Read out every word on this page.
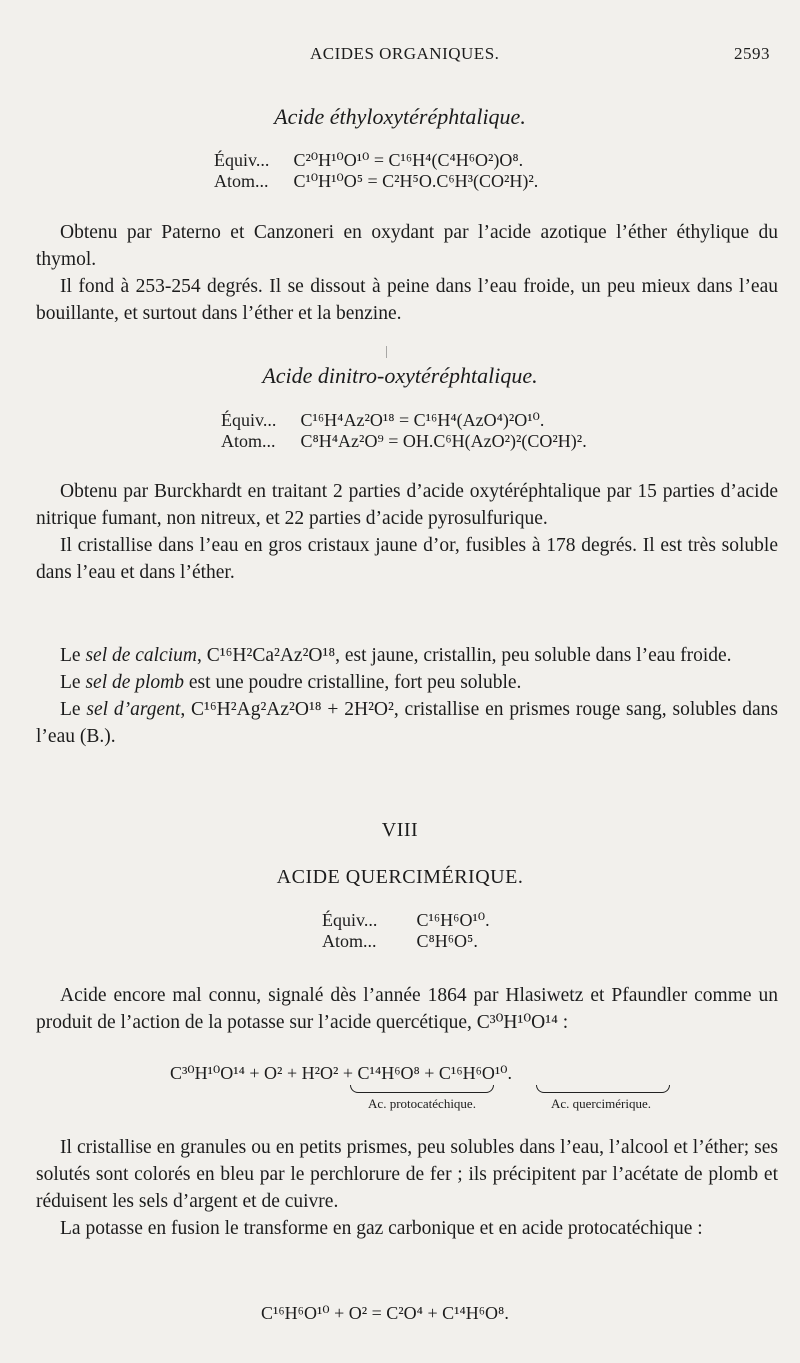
ACIDES ORGANIQUES.	2593
Acide éthyloxytéréphtalique.
Équiv... C²⁰H¹⁰O¹⁰ = C¹⁶H⁴(C⁴H⁶O²)O⁸.
Atom... C¹⁰H¹⁰O⁵ = C²H⁵O.C⁶H³(CO²H)².

Obtenu par Paterno et Canzoneri en oxydant par l’acide azotique l’éther éthylique du thymol.

Il fond à 253-254 degrés. Il se dissout à peine dans l’eau froide, un peu mieux dans l’eau bouillante, et surtout dans l’éther et la benzine.

Acide dinitro-oxytéréphtalique.
Équiv... C¹⁶H⁴Az²O¹⁸ = C¹⁶H⁴(AzO⁴)²O¹⁰.
Atom... C⁸H⁴Az²O⁹ = OH.C⁶H(AzO²)²(CO²H)².

Obtenu par Burckhardt en traitant 2 parties d’acide oxytéréphtalique par 15 parties d’acide nitrique fumant, non nitreux, et 22 parties d’acide pyrosulfurique.

Il cristallise dans l’eau en gros cristaux jaune d’or, fusibles à 178 degrés. Il est très soluble dans l’eau et dans l’éther.

Le sel de calcium, C¹⁶H²Ca²Az²O¹⁸, est jaune, cristallin, peu soluble dans l’eau froide.

Le sel de plomb est une poudre cristalline, fort peu soluble.

Le sel d’argent, C¹⁶H²Ag²Az²O¹⁸ + 2H²O², cristallise en prismes rouge sang, solubles dans l’eau (B.).

VIII
ACIDE QUERCIMÉRIQUE.
Équiv... C¹⁶H⁶O¹⁰.
Atom... C⁸H⁶O⁵.

Acide encore mal connu, signalé dès l’année 1864 par Hlasiwetz et Pfaundler comme un produit de l’action de la potasse sur l’acide quercétique, C³⁰H¹⁰O¹⁴ :

C³⁰H¹⁰O¹⁴ + O² + H²O² + C¹⁴H⁶O⁸ + C¹⁶H⁶O¹⁰.
Ac. protocatéchique.	Ac. quercimérique.

Il cristallise en granules ou en petits prismes, peu solubles dans l’eau, l’alcool et l’éther; ses solutés sont colorés en bleu par le perchlorure de fer ; ils précipitent par l’acétate de plomb et réduisent les sels d’argent et de cuivre.

La potasse en fusion le transforme en gaz carbonique et en acide protocatéchique :

C¹⁶H⁶O¹⁰ + O² = C²O⁴ + C¹⁴H⁶O⁸.
